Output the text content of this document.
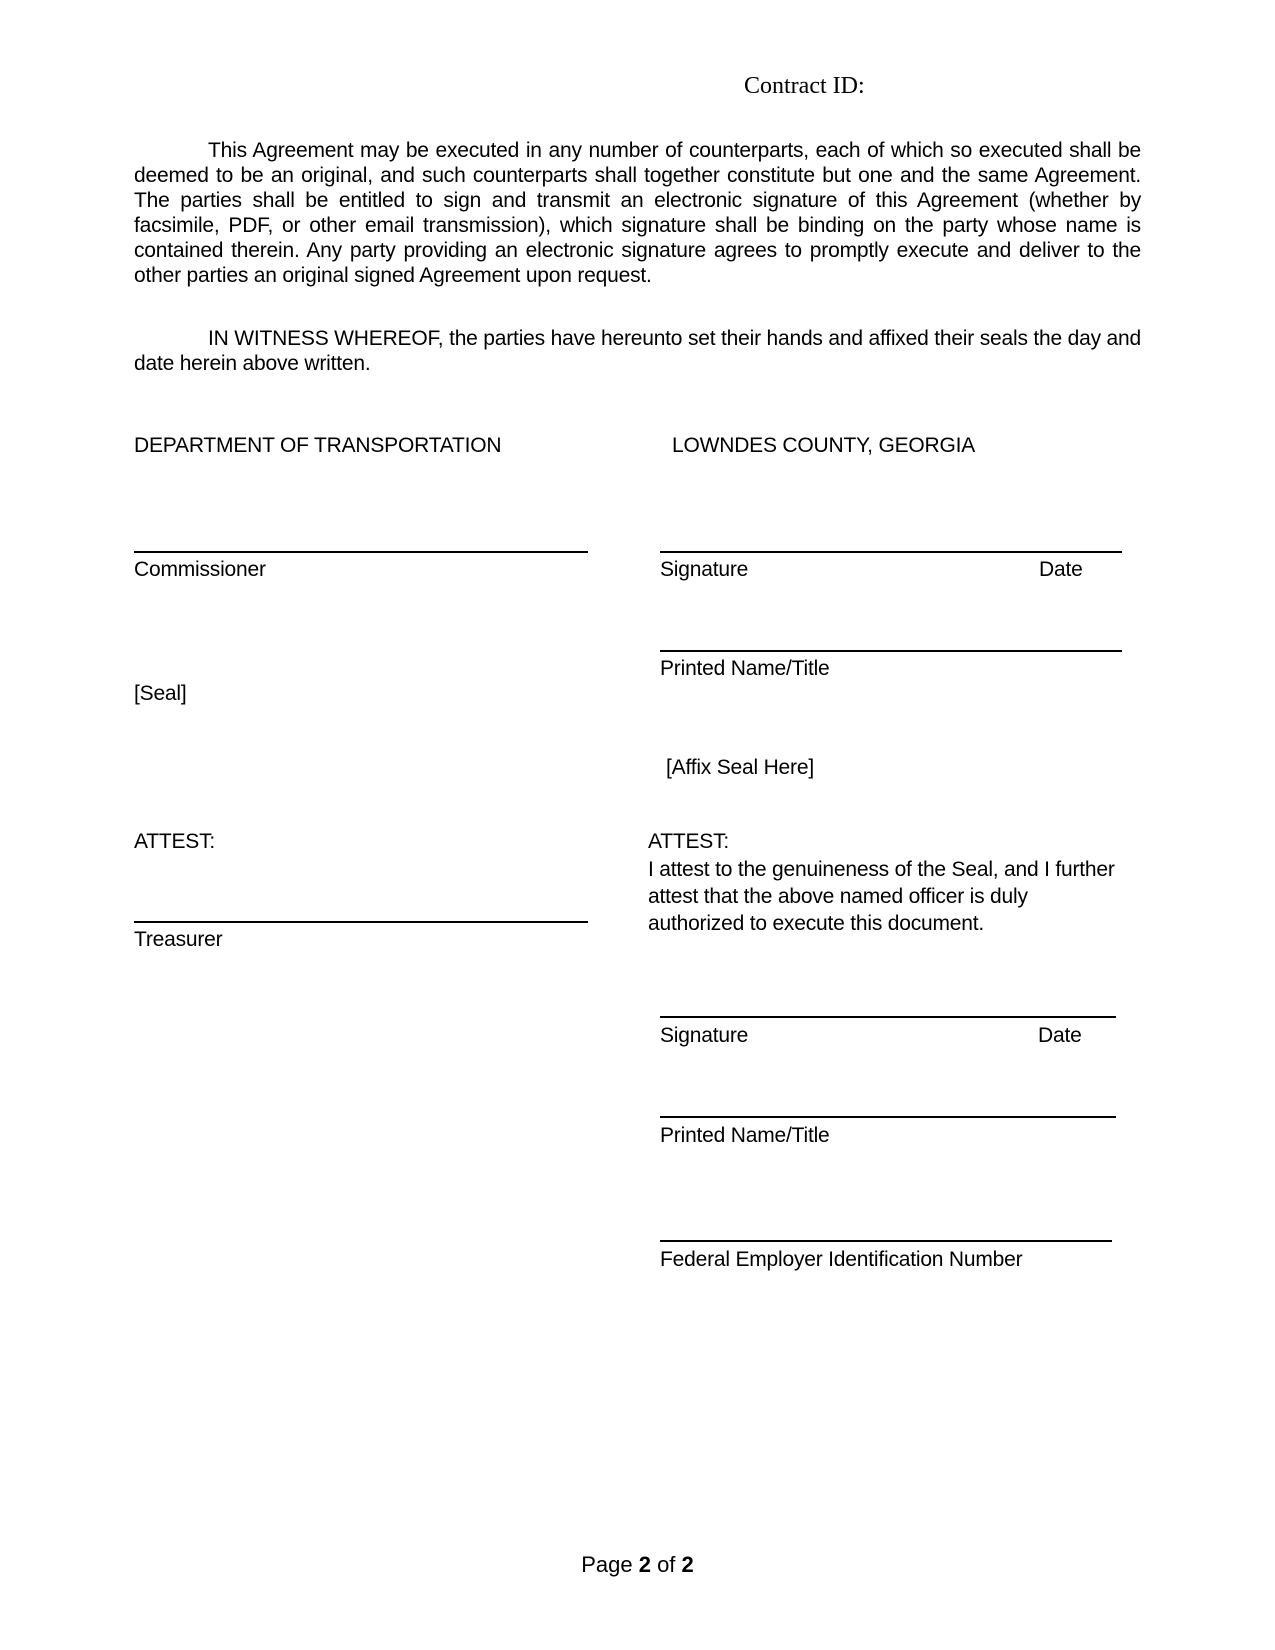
Contract ID:
This Agreement may be executed in any number of counterparts, each of which so executed shall be deemed to be an original, and such counterparts shall together constitute but one and the same Agreement. The parties shall be entitled to sign and transmit an electronic signature of this Agreement (whether by facsimile, PDF, or other email transmission), which signature shall be binding on the party whose name is contained therein. Any party providing an electronic signature agrees to promptly execute and deliver to the other parties an original signed Agreement upon request.
IN WITNESS WHEREOF, the parties have hereunto set their hands and affixed their seals the day and date herein above written.
DEPARTMENT OF TRANSPORTATION	LOWNDES COUNTY, GEORGIA
Commissioner	Signature	Date
Printed Name/Title
[Seal]
[Affix Seal Here]
ATTEST:	ATTEST:
I attest to the genuineness of the Seal, and I further attest that the above named officer is duly authorized to execute this document.
Treasurer
Signature	Date
Printed Name/Title
Federal Employer Identification Number
Page 2 of 2
